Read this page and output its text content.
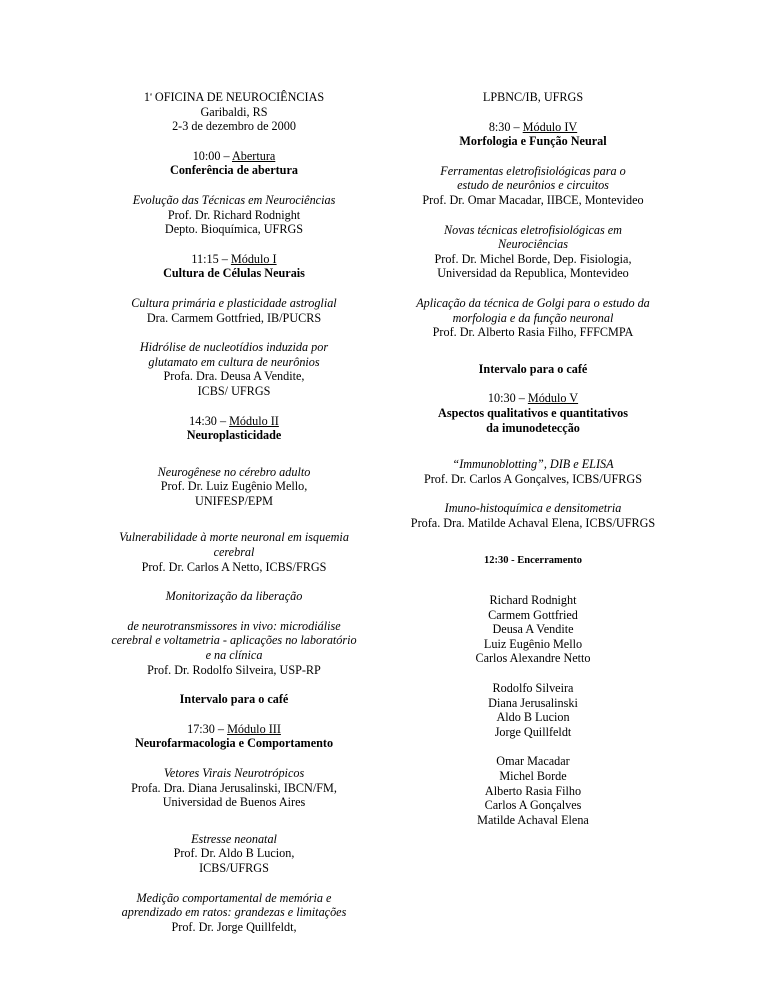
$1^ª$ OFICINA DE NEUROCIÊNCIAS

Garibaldi, RS

2-3 de dezembro de 2000

10:00 – Abertura

Conferência de abertura

Evolução das Técnicas em Neurociências

Prof. Dr. Richard Rodnight

Depto. Bioquímica, UFRGS

11:15 – Módulo I

Cultura de Células Neurais

Cultura primária e plasticidade astroglial

Dra. Carmem Gottfried, IB/PUCRS

Hidrólise de nucleotídios induzida por

glutamato em cultura de neurônios

Profa. Dra. Deusa A Vendite,

ICBS/ UFRGS

14:30 – Módulo II

Neuroplasticidade

Neurogênese no cérebro adulto

Prof. Dr. Luiz Eugênio Mello,

UNIFESP/EPM

Vulnerabilidade à morte neuronal em isquemia

cerebral

Prof. Dr. Carlos A Netto, ICBS/FRGS

Monitorização da liberação

de neurotransmissores in vivo: microdiálise

cerebral e voltametria - aplicações no laboratório

e na clínica

Prof. Dr. Rodolfo Silveira, USP-RP

Intervalo para o café

17:30 – Módulo III

Neurofarmacologia e Comportamento

Vetores Virais Neurotrópicos

Profa. Dra. Diana Jerusalinski, IBCN/FM,

Universidad de Buenos Aires

Estresse neonatal

Prof. Dr. Aldo B Lucion,

ICBS/UFRGS

Medição comportamental de memória e

aprendizado em ratos: grandezas e limitações

Prof. Dr. Jorge Quillfeldt,

LPBNC/IB, UFRGS

8:30 – Módulo IV

Morfologia e Função Neural

Ferramentas eletrofisiológicas para o

estudo de neurônios e circuitos

Prof. Dr. Omar Macadar, IIBCE, Montevideo

Novas técnicas eletrofisiológicas em

Neurociências

Prof. Dr. Michel Borde, Dep. Fisiologia,

Universidad da Republica, Montevideo

Aplicação da técnica de Golgi para o estudo da

morfologia e da função neuronal

Prof. Dr. Alberto Rasia Filho, FFFCMPA

Intervalo para o café

10:30 – Módulo V

Aspectos qualitativos e quantitativos

da imunodetecção

“Immunoblotting”, DIB e ELISA

Prof. Dr. Carlos A Gonçalves, ICBS/UFRGS

Imuno-histoquímica e densitometria

Profa. Dra. Matilde Achaval Elena, ICBS/UFRGS

12:30 - Encerramento

Richard Rodnight

Carmem Gottfried

Deusa A Vendite

Luiz Eugênio Mello

Carlos Alexandre Netto

Rodolfo Silveira

Diana Jerusalinski

Aldo B Lucion

Jorge Quillfeldt

Omar Macadar

Michel Borde

Alberto Rasia Filho

Carlos A Gonçalves

Matilde Achaval Elena
